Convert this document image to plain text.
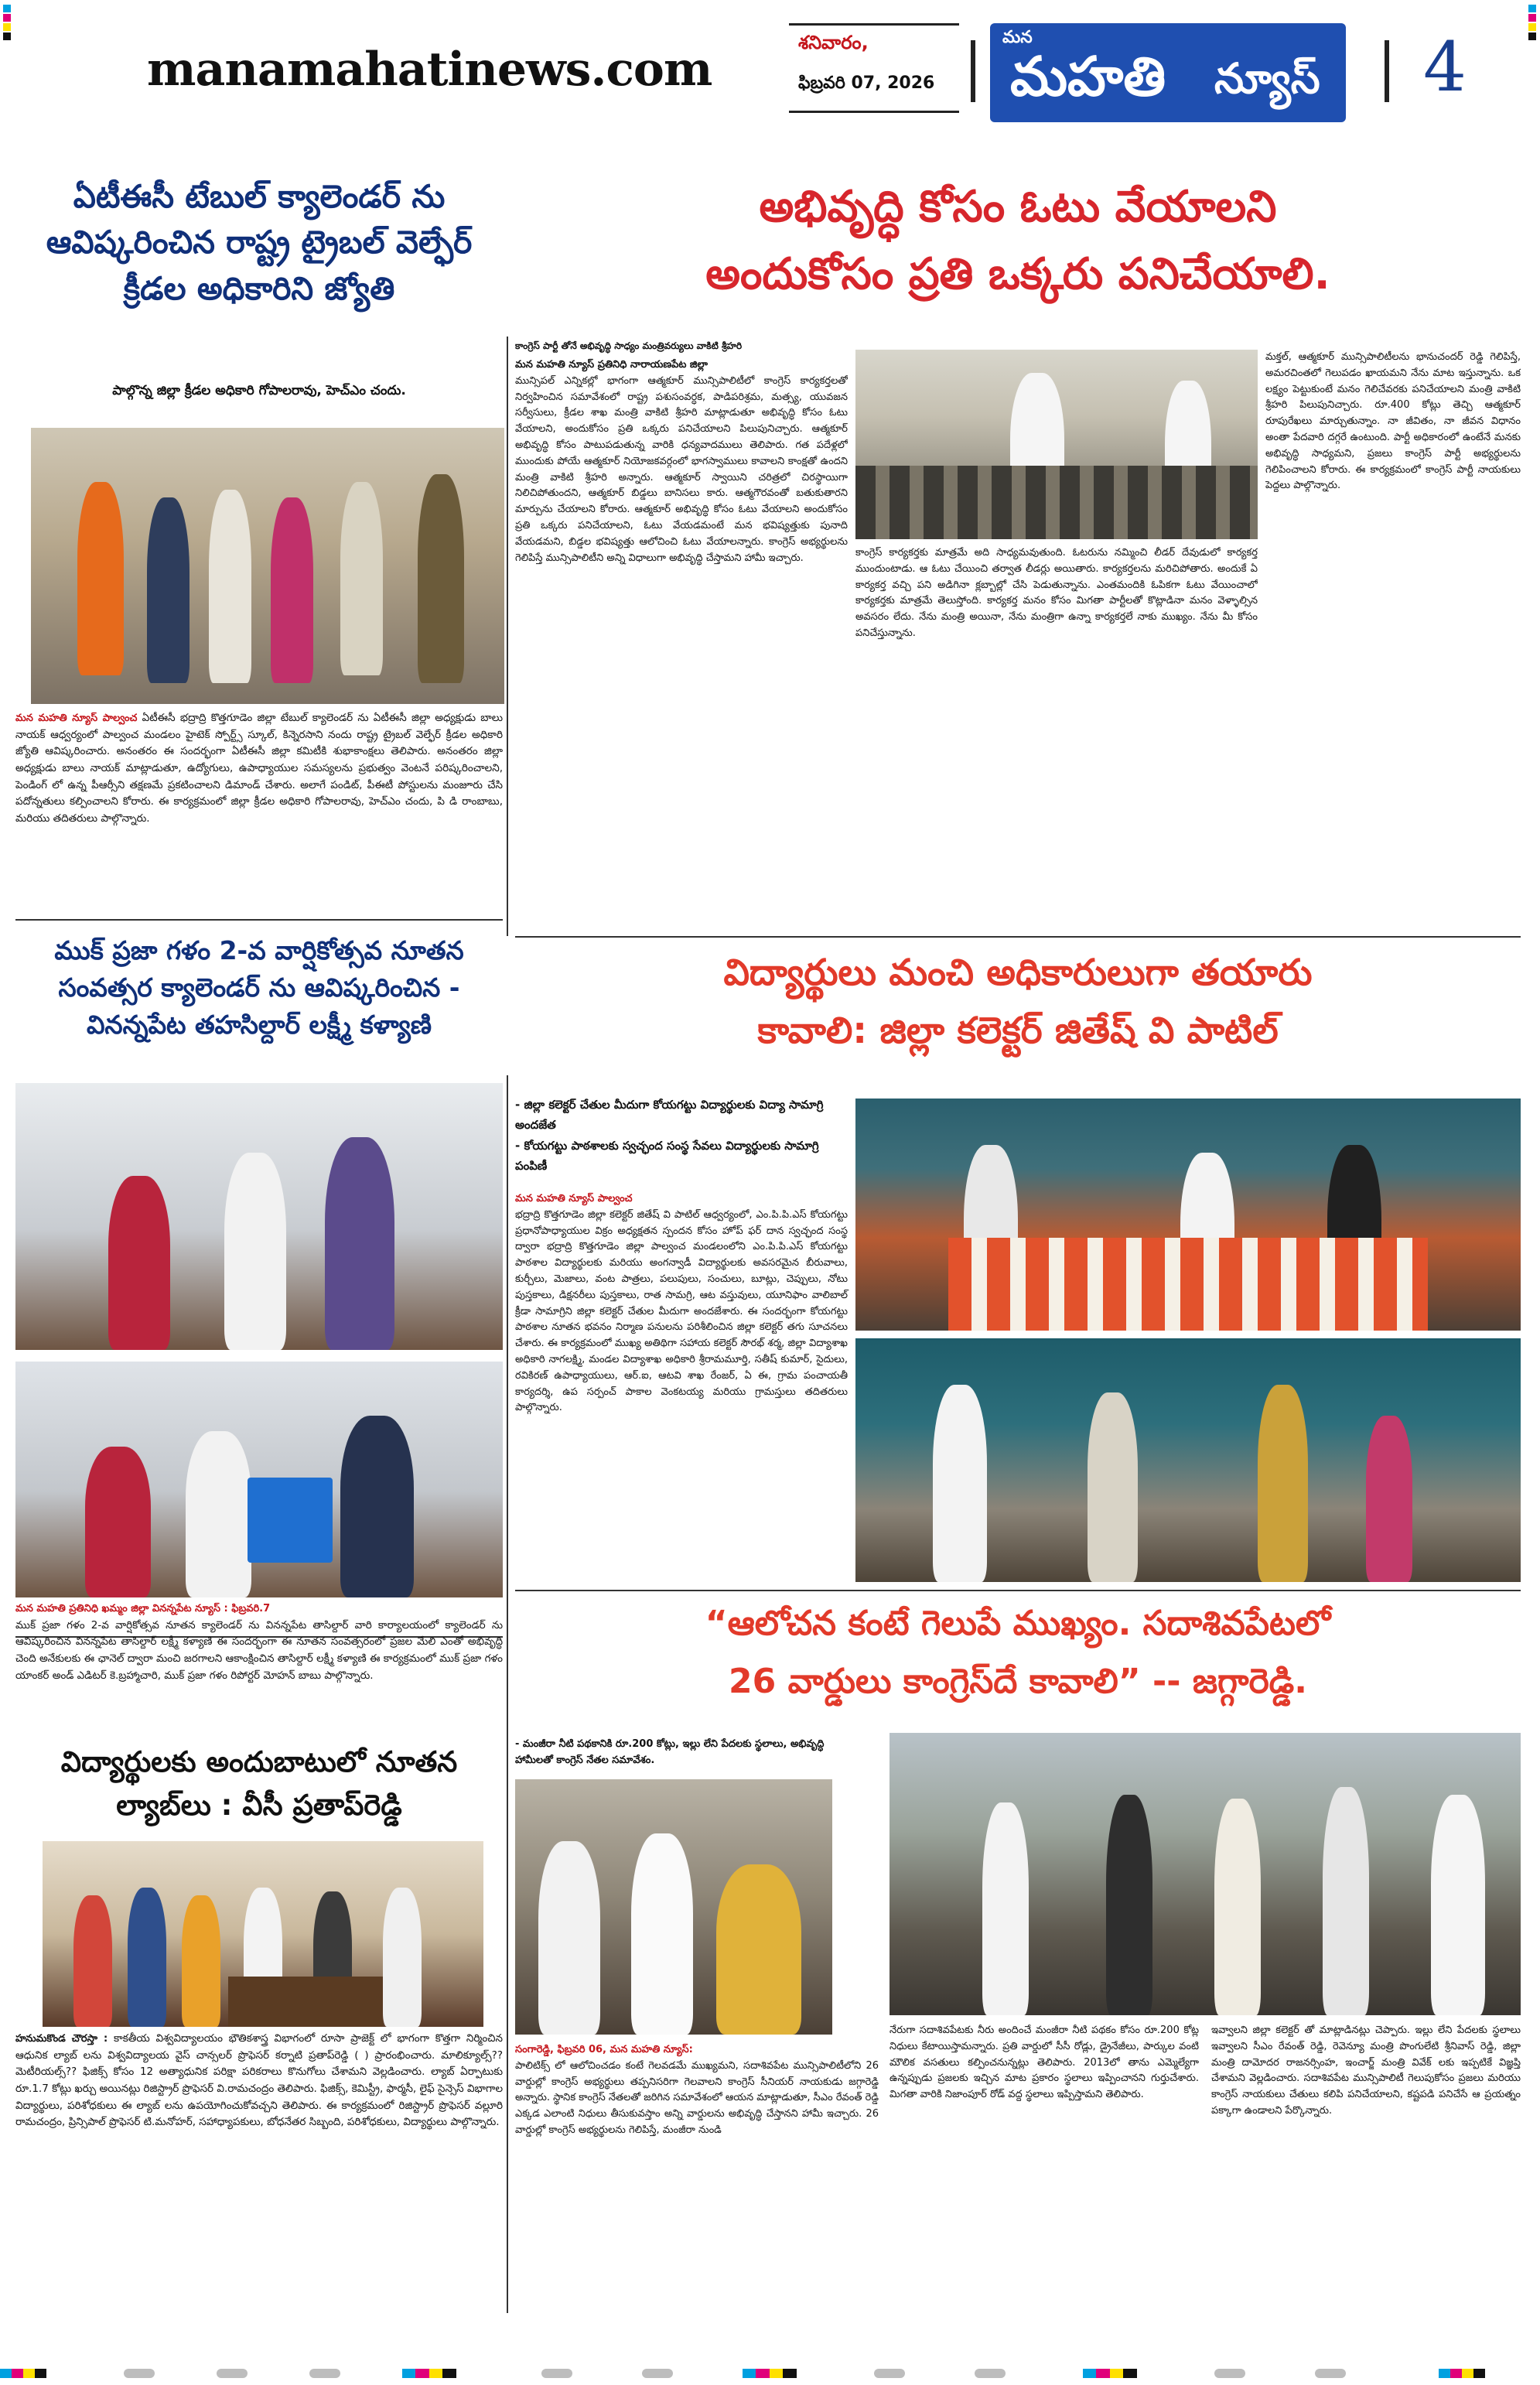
manamahatinews.com	శనివారం,
ఫిబ్రవరి 07, 2026
మన
మహతి న్యూస్ 4
ఏటీఈసీ టేబుల్ క్యాలెండర్ ను
ఆవిష్కరించిన రాష్ట్ర ట్రైబల్ వెల్ఫేర్
క్రీడల అధికారిని జ్యోతి
పాల్గొన్న జిల్లా క్రీడల అధికారి గోపాలరావు, హెచ్ఎం చందు.
మన మహతి న్యూస్ పాల్వంచ ఏటీఈసీ భద్రాద్రి కొత్తగూడెం జిల్లా టేబుల్ క్యాలెండర్ ను ఏటీఈసీ జిల్లా అధ్యక్షుడు బాలు నాయక్ ఆధ్వర్యంలో పాల్వంచ మండలం హైటెక్ స్పోర్ట్స్ స్కూల్, కిన్నెరసాని నందు రాష్ట్ర ట్రైబల్ వెల్ఫేర్ క్రీడల అధికారి జ్యోతి ఆవిష్కరించారు. అనంతరం ఈ సందర్భంగా ఏటీఈసీ జిల్లా కమిటీకి శుభాకాంక్షలు తెలిపారు. అనంతరం జిల్లా అధ్యక్షుడు బాలు నాయక్ మాట్లాడుతూ, ఉద్యోగులు, ఉపాధ్యాయుల సమస్యలను ప్రభుత్వం వెంటనే పరిష్కరించాలని, పెండింగ్ లో ఉన్న పీఆర్సీని తక్షణమే ప్రకటించాలని డిమాండ్ చేశారు. అలాగే పండిట్, పీఈటీ పోస్టులను మంజూరు చేసి పదోన్నతులు కల్పించాలని కోరారు. ఈ కార్యక్రమంలో జిల్లా క్రీడల అధికారి గోపాలరావు, హెచ్ఎం చందు, పి డి రాంబాబు, మరియు తదితరులు పాల్గొన్నారు.
ముక్ ప్రజా గళం 2-వ వార్షికోత్సవ నూతన
సంవత్సర క్యాలెండర్ ను ఆవిష్కరించిన -
వినన్నపేట తహసిల్దార్ లక్ష్మీ కళ్యాణి
మన మహతి ప్రతినిధి ఖమ్మం జిల్లా వినన్నపేట న్యూస్ : ఫిబ్రవరి.7
ముక్ ప్రజా గళం 2-వ వార్షికోత్సవ నూతన క్యాలెండర్ ను వినన్నపేట తాసిల్దార్ వారి కార్యాలయంలో క్యాలెండర్ ను ఆవిష్కరించిన వినన్నపేట తాసిల్దార్ లక్ష్మీ కళ్యాణి ఈ సందర్భంగా ఈ నూతన సంవత్సరంలో ప్రజల మేలి ఎంతో అభివృద్ధి చెంది అనేకులకు ఈ ఛానెల్ ద్వారా మంచి జరగాలని ఆకాంక్షించిన తాసిల్దార్ లక్ష్మీ కళ్యాణి ఈ కార్యక్రమంలో ముక్ ప్రజా గళం యాంకర్ అండ్ ఎడిటర్ కె.బ్రహ్మాచారి, ముక్ ప్రజా గళం రిపోర్టర్ మోహన్ బాబు పాల్గొన్నారు.
విద్యార్థులకు అందుబాటులో నూతన
ల్యాబ్‌లు : వీసీ ప్రతాప్‌రెడ్డి
హనుమకొండ చౌరస్తా : కాకతీయ విశ్వవిద్యాలయం భౌతికశాస్త్ర విభాగంలో రూసా ప్రాజెక్ట్ లో భాగంగా కొత్తగా నిర్మించిన ఆధునిక ల్యాబ్ లను విశ్వవిద్యాలయ వైస్ చాన్సలర్ ప్రొఫెసర్ కర్నాటి ప్రతాప్‌రెడ్డి ( ) ప్రారంభించారు. మాలిక్యూల్స్?? మెటీరియల్స్?? ఫిజిక్స్ కోసం 12 అత్యాధునిక పరిక్షా పరికరాలు కొనుగోలు చేశామని వెల్లడించారు. ల్యాబ్ ఏర్పాటుకు రూ.1.7 కోట్లు ఖర్చు అయినట్లు రిజిస్ట్రార్ ప్రొఫెసర్ వి.రామచంద్రం తెలిపారు. ఫిజిక్స్, కెమిస్ట్రీ, ఫార్మసీ, లైఫ్ సైన్సెస్ విభాగాల విద్యార్థులు, పరిశోధకులు ఈ ల్యాబ్ లను ఉపయోగించుకోవచ్చని తెలిపారు. ఈ కార్యక్రమంలో రిజిస్ట్రార్ ప్రొఫెసర్ వల్లూరి రామచంద్రం, ప్రిన్సిపాల్ ప్రొఫెసర్ టి.మనోహర్, సహాధ్యాపకులు, బోధనేతర సిబ్బంది, పరిశోధకులు, విద్యార్థులు పాల్గొన్నారు.
అభివృద్ధి కోసం ఓటు వేయాలని
అందుకోసం ప్రతి ఒక్కరు పనిచేయాలి.
కాంగ్రెస్ పార్టీ తోనే అభివృద్ధి సాధ్యం మంత్రివర్యులు వాకిటి శ్రీహరి
మన మహతి న్యూస్ ప్రతినిధి నారాయణపేట జిల్లా
మున్సిపల్ ఎన్నికల్లో భాగంగా ఆత్మకూర్ మున్సిపాలిటీలో కాంగ్రెస్ కార్యకర్తలతో నిర్వహించిన సమావేశంలో రాష్ట్ర పశుసంవర్ధక, పాడిపరిశ్రమ, మత్స్య, యువజన సర్వీసులు, క్రీడల శాఖ మంత్రి వాకిటి శ్రీహరి మాట్లాడుతూ అభివృద్ధి కోసం ఓటు వేయాలని, అందుకోసం ప్రతి ఒక్కరు పనిచేయాలని పిలుపునిచ్చారు. ఆత్మకూర్ అభివృద్ధి కోసం పాటుపడుతున్న వారికి ధన్యవాదములు తెలిపారు. గత పదేళ్లలో ముందుకు పోయే ఆత్మకూర్ నియోజకవర్గంలో భాగస్వాములు కావాలని కాంక్షతో ఉందని మంత్రి వాకిటి శ్రీహరి అన్నారు. ఆత్మకూర్ స్వాయిని చరిత్రలో చిరస్థాయిగా నిలిచిపోతుందని, ఆత్మకూర్ బిడ్డలు బానిసలు కారు. ఆత్మగౌరవంతో బతుకుతారని మార్పును చేయాలని కోరారు. ఆత్మకూర్ అభివృద్ధి కోసం ఓటు వేయాలని అందుకోసం ప్రతి ఒక్కరు పనిచేయాలని, ఓటు వేయడమంటే మన భవిష్యత్తుకు పునాది వేయడమని, బిడ్డల భవిష్యత్తు ఆలోచించి ఓటు వేయాలన్నారు. కాంగ్రెస్ అభ్యర్థులను గెలిపిస్తే మున్సిపాలిటీని అన్ని విధాలుగా అభివృద్ధి చేస్తామని హామీ ఇచ్చారు.	కాంగ్రెస్ కార్యకర్తకు మాత్రమే అది సాధ్యమవుతుంది. ఓటరును నమ్మించి లీడర్ దేవుడులో కార్యకర్త ముందుంటాడు. ఆ ఓటు చేయించి తర్వాత లీడర్లు అయితారు. కార్యకర్తలను మరిచిపోతారు. అందుకే ఏ కార్యకర్త వచ్చి పని అడిగినా క్లబ్బాల్లో చేసి పెడుతున్నాను. ఎంతమందికి ఓపికగా ఓటు వేయించాలో కార్యకర్తకు మాత్రమే తెలుస్తోంది. కార్యకర్త మనం కోసం మిగతా పార్టీలతో కొట్లాడినా మనం వెళ్ళాల్సిన అవసరం లేదు. నేను మంత్రి అయినా, నేను మంత్రిగా ఉన్నా కార్యకర్తలే నాకు ముఖ్యం. నేను మీ కోసం పనిచేస్తున్నాను.
మక్తల్, ఆత్మకూర్ మున్సిపాలిటీలను భానుచందర్ రెడ్డి గెలిపిస్తే, అమరచింతలో గెలుపడం ఖాయమని నేను మాట ఇస్తున్నాను. ఒక లక్ష్యం పెట్టుకుంటే మనం గెలిచేవరకు పనిచేయాలని మంత్రి వాకిటి శ్రీహరి పిలుపునిచ్చారు. రూ.400 కోట్లు తెచ్చి ఆత్మకూర్ రూపురేఖలు మార్చుతున్నాం. నా జీవితం, నా జీవన విధానం అంతా పేదవారి దగ్గరే ఉంటుంది. పార్టీ అధికారంలో ఉంటేనే మనకు అభివృద్ధి సాధ్యమని, ప్రజలు కాంగ్రెస్ పార్టీ అభ్యర్థులను గెలిపించాలని కోరారు. ఈ కార్యక్రమంలో కాంగ్రెస్ పార్టీ నాయకులు పెద్దలు పాల్గొన్నారు.
విద్యార్థులు మంచి అధికారులుగా తయారు
కావాలి: జిల్లా కలెక్టర్ జితేష్ వి పాటిల్
- జిల్లా కలెక్టర్ చేతుల మీదుగా కోయగట్టు విద్యార్థులకు విద్యా సామాగ్రి అందజేత
- కోయగట్టు పాఠశాలకు స్వచ్ఛంద సంస్థ సేవలు విద్యార్థులకు సామాగ్రి పంపిణీ
మన మహతి న్యూస్ పాల్వంచ
భద్రాద్రి కొత్తగూడెం జిల్లా కలెక్టర్ జితేష్ వి పాటిల్ ఆధ్వర్యంలో, ఎం.పి.పి.ఎస్ కోయగట్టు ప్రధానోపాధ్యాయుల విక్రం అధ్యక్షతన స్పందన కోసం హోప్ ఫర్ దాన స్వచ్ఛంద సంస్థ ద్వారా భద్రాద్రి కొత్తగూడెం జిల్లా పాల్వంచ మండలంలోని ఎం.పి.పి.ఎస్ కోయగట్టు పాఠశాల విద్యార్థులకు మరియు అంగన్వాడీ విద్యార్థులకు అవసరమైన బీరువాలు, కుర్చీలు, మెజాలు, వంట పాత్రలు, పలుపులు, సంచులు, బూట్లు, చెప్పులు, నోటు పుస్తకాలు, డిక్షనరీలు పుస్తకాలు, రాత సామగ్రి, ఆట వస్తువులు, యూనిఫాం వాలిబాల్ క్రీడా సామాగ్రిని జిల్లా కలెక్టర్ చేతుల మీదుగా అందజేశారు. ఈ సందర్భంగా కోయగట్టు పాఠశాల నూతన భవనం నిర్మాణ పనులను పరిశీలించిన జిల్లా కలెక్టర్ తగు సూచనలు చేశారు. ఈ కార్యక్రమంలో ముఖ్య అతిథిగా సహాయ కలెక్టర్ సౌరభ్ శర్మ, జిల్లా విద్యాశాఖ అధికారి నాగలక్ష్మి, మండల విద్యాశాఖ అధికారి శ్రీరామమూర్తి, సతీష్ కుమార్, సైదులు, రవికిరణ్ ఉపాధ్యాయులు, ఆర్.ఐ, ఆటవి శాఖ రేంజర్, ఏ ఈ, గ్రామ పంచాయతీ కార్యదర్శి, ఉప సర్పంచ్ పాకాల వెంకటయ్య మరియు గ్రామస్తులు తదితరులు పాల్గొన్నారు.
“ఆలోచన కంటే గెలుపే ముఖ్యం. సదాశివపేటలో
26 వార్డులు కాంగ్రెస్‌దే కావాలి” -- జగ్గారెడ్డి.
- మంజీరా నీటి పథకానికి రూ.200 కోట్లు, ఇల్లు లేని పేదలకు స్థలాలు, అభివృద్ధి హామీలతో కాంగ్రెస్ నేతల సమావేశం.
సంగారెడ్డి, ఫిబ్రవరి 06, మన మహతి న్యూస్:
పాలిటిక్స్ లో ఆలోచించడం కంటే గెలవడమే ముఖ్యమని, సదాశివపేట మున్సిపాలిటీలోని 26 వార్డుల్లో కాంగ్రెస్ అభ్యర్థులు తప్పనిసరిగా గెలవాలని కాంగ్రెస్ సీనియర్ నాయకుడు జగ్గారెడ్డి అన్నారు. స్థానిక కాంగ్రెస్ నేతలతో జరిగిన సమావేశంలో ఆయన మాట్లాడుతూ, సీఎం రేవంత్ రెడ్డి ఎక్కడ ఎలాంటి నిధులు తీసుకువస్తాం అన్ని వార్డులను అభివృద్ధి చేస్తానని హామీ ఇచ్చారు. 26 వార్డుల్లో కాంగ్రెస్ అభ్యర్థులను గెలిపిస్తే, మంజీరా నుండి
నేరుగా సదాశివపేటకు నీరు అందించే మంజీరా నీటి పథకం కోసం రూ.200 కోట్ల నిధులు కేటాయిస్తామన్నారు. ప్రతి వార్డులో సీసీ రోడ్లు, డ్రైనేజీలు, పార్కుల వంటి మౌలిక వసతులు కల్పించనున్నట్లు తెలిపారు. 2013లో తాను ఎమ్మెల్యేగా ఉన్నప్పుడు ప్రజలకు ఇచ్చిన మాట ప్రకారం స్థలాలు ఇప్పించానని గుర్తుచేశారు. మిగతా వారికి నిజాంపూర్ రోడ్ వద్ద స్థలాలు ఇప్పిస్తామని తెలిపారు.
ఇవ్వాలని జిల్లా కలెక్టర్ తో మాట్లాడినట్లు చెప్పారు. ఇల్లు లేని పేదలకు స్థలాలు ఇవ్వాలని సీఎం రేవంత్ రెడ్డి, రెవెన్యూ మంత్రి పొంగులేటి శ్రీనివాస్ రెడ్డి, జిల్లా మంత్రి దామోదర రాజనర్సింహ, ఇంచార్జ్ మంత్రి వివేక్ లకు ఇప్పటికే విజ్ఞప్తి చేశామని వెల్లడించారు. సదాశివపేట మున్సిపాలిటీ గెలుపుకోసం ప్రజలు మరియు కాంగ్రెస్ నాయకులు చేతులు కలిపి పనిచేయాలని, కష్టపడి పనిచేసే ఆ ప్రయత్నం పక్కాగా ఉండాలని పేర్కొన్నారు.
